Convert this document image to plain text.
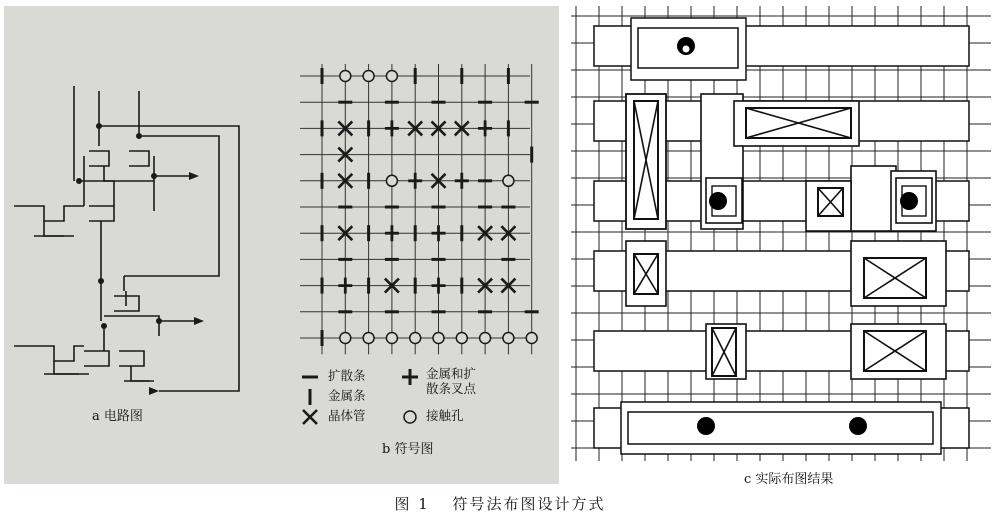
a 电路图
扩散条
金属条
晶体管
金属和扩
散条叉点
接触孔
b 符号图
c 实际布图结果
图 1 符号法布图设计方式
